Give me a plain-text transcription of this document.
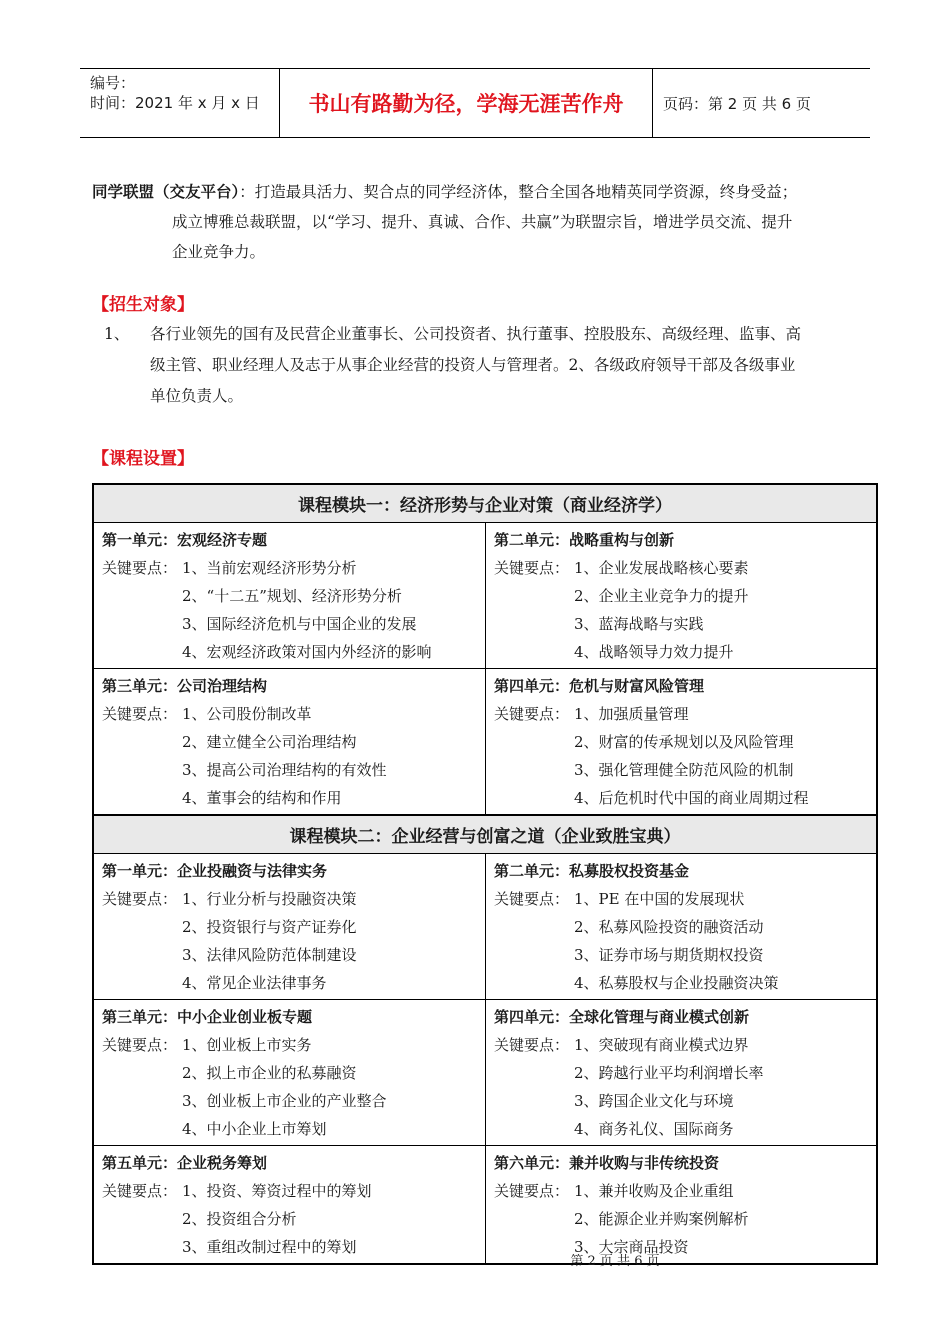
编号：
时间：2021 年 x 月 x 日	书山有路勤为径，学海无涯苦作舟	页码：第 2 页 共 6 页
同学联盟（交友平台）：打造最具活力、契合点的同学经济体，整合全国各地精英同学资源，终身受益；
成立博雅总裁联盟，以“学习、提升、真诚、合作、共赢”为联盟宗旨，增进学员交流、提升
企业竞争力。
【招生对象】
1、 各行业领先的国有及民营企业董事长、公司投资者、执行董事、控股股东、高级经理、监事、高
级主管、职业经理人及志于从事企业经营的投资人与管理者。2、各级政府领导干部及各级事业
单位负责人。
【课程设置】
课程模块一：经济形势与企业对策（商业经济学）
第一单元：宏观经济专题
关键要点： 1、当前宏观经济形势分析
2、“十二五”规划、经济形势分析
3、国际经济危机与中国企业的发展
4、宏观经济政策对国内外经济的影响
第二单元：战略重构与创新
关键要点： 1、企业发展战略核心要素
2、企业主业竞争力的提升
3、蓝海战略与实践
4、战略领导力效力提升
第三单元：公司治理结构
关键要点： 1、公司股份制改革
2、建立健全公司治理结构
3、提高公司治理结构的有效性
4、董事会的结构和作用
第四单元：危机与财富风险管理
关键要点： 1、加强质量管理
2、财富的传承规划以及风险管理
3、强化管理健全防范风险的机制
4、后危机时代中国的商业周期过程
课程模块二：企业经营与创富之道（企业致胜宝典）
第一单元：企业投融资与法律实务
关键要点： 1、行业分析与投融资决策
2、投资银行与资产证券化
3、法律风险防范体制建设
4、常见企业法律事务
第二单元：私募股权投资基金
关键要点： 1、PE 在中国的发展现状
2、私募风险投资的融资活动
3、证券市场与期货期权投资
4、私募股权与企业投融资决策
第三单元：中小企业创业板专题
关键要点： 1、创业板上市实务
2、拟上市企业的私募融资
3、创业板上市企业的产业整合
4、中小企业上市筹划
第四单元：全球化管理与商业模式创新
关键要点： 1、突破现有商业模式边界
2、跨越行业平均利润增长率
3、跨国企业文化与环境
4、商务礼仪、国际商务
第五单元：企业税务筹划
关键要点： 1、投资、筹资过程中的筹划
2、投资组合分析
3、重组改制过程中的筹划
第六单元：兼并收购与非传统投资
关键要点： 1、兼并收购及企业重组
2、能源企业并购案例解析
3、大宗商品投资
第 2 页 共 6 页
